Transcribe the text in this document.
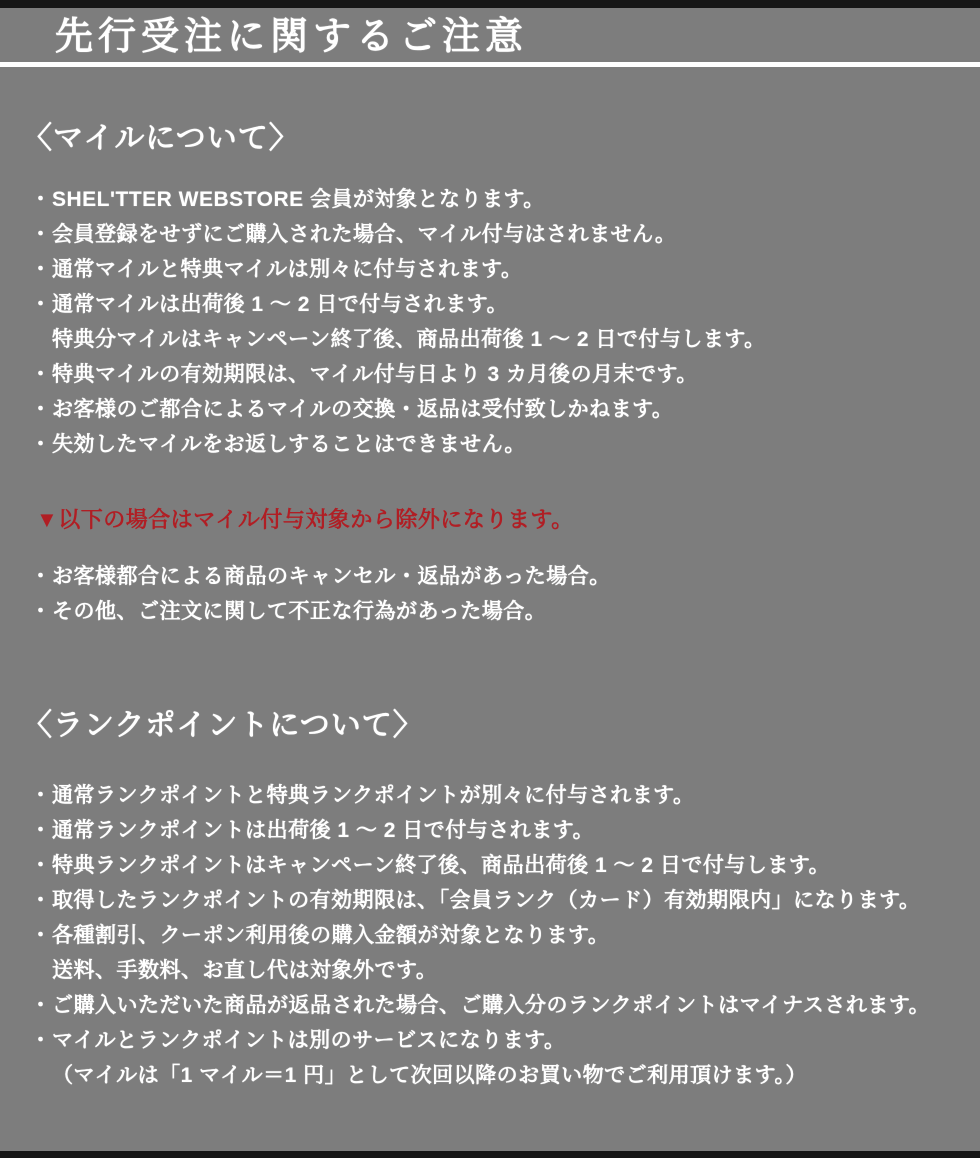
先行受注に関するご注意
〈マイルについて〉
・ SHEL'TTER WEBSTORE 会員が対象となります。
・ 会員登録をせずにご購入された場合、マイル付与はされません。
・ 通常マイルと特典マイルは別々に付与されます。
・ 通常マイルは出荷後 1 ～ 2 日で付与されます。
特典分マイルはキャンペーン終了後、商品出荷後 1 ～ 2 日で付与します。
・ 特典マイルの有効期限は、マイル付与日より 3 カ月後の月末です。
・ お客様のご都合によるマイルの交換・返品は受付致しかねます。
・ 失効したマイルをお返しすることはできません。
▼以下の場合はマイル付与対象から除外になります。
・ お客様都合による商品のキャンセル・返品があった場合。
・ その他、ご注文に関して不正な行為があった場合。
〈ランクポイントについて〉
・ 通常ランクポイントと特典ランクポイントが別々に付与されます。
・ 通常ランクポイントは出荷後 1 ～ 2 日で付与されます。
・ 特典ランクポイントはキャンペーン終了後、商品出荷後 1 ～ 2 日で付与します。
・ 取得したランクポイントの有効期限は、「会員ランク（カード）有効期限内」になります。
・ 各種割引、クーポン利用後の購入金額が対象となります。
送料、手数料、お直し代は対象外です。
・ ご購入いただいた商品が返品された場合、ご購入分のランクポイントはマイナスされます。
・ マイルとランクポイントは別のサービスになります。
（マイルは「1 マイル＝1 円」として次回以降のお買い物でご利用頂けます。）
